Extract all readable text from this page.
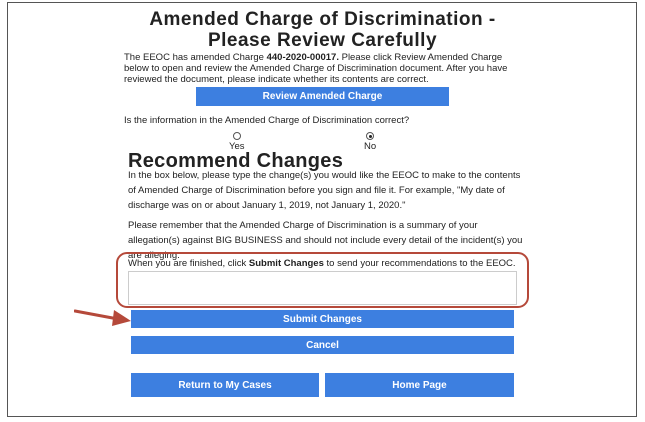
Amended Charge of Discrimination -
Please Review Carefully
The EEOC has amended Charge 440-2020-00017. Please click Review Amended Charge below to open and review the Amended Charge of Discrimination document. After you have reviewed the document, please indicate whether its contents are correct.
Review Amended Charge
Is the information in the Amended Charge of Discrimination correct?
Yes	No
Recommend Changes
In the box below, please type the change(s) you would like the EEOC to make to the contents of Amended Charge of Discrimination before you sign and file it. For example, "My date of discharge was on or about January 1, 2019, not January 1, 2020."
Please remember that the Amended Charge of Discrimination is a summary of your allegation(s) against BIG BUSINESS and should not include every detail of the incident(s) you are alleging.
When you are finished, click Submit Changes to send your recommendations to the EEOC.
Submit Changes
Cancel
Return to My Cases	Home Page
